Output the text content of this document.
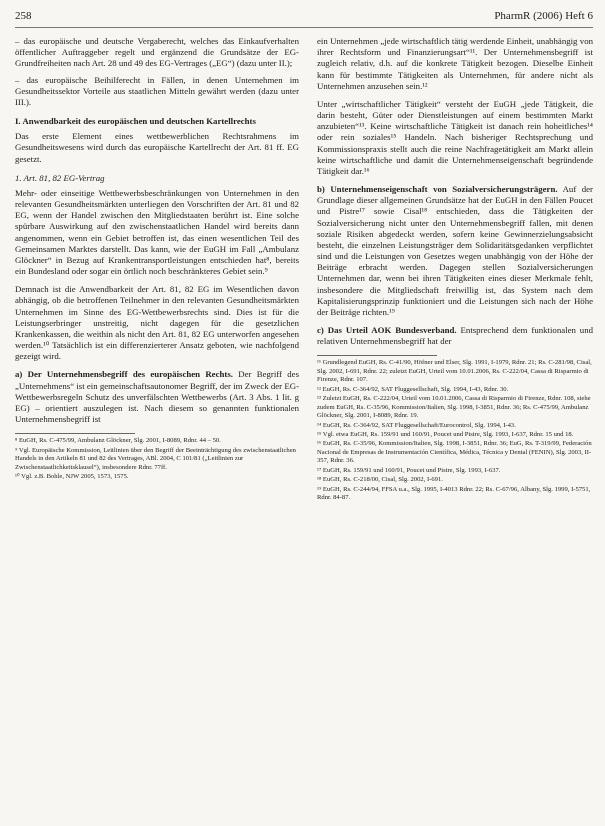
258	PharmR (2006) Heft 6

– das europäische und deutsche Vergaberecht, welches das Einkaufverhalten öffentlicher Auftraggeber regelt und ergänzend die Grundsätze der EG-Grundfreiheiten nach Art. 28 und 49 des EG-Vertrages („EG“) (dazu unter II.);

– das europäische Beihilferecht in Fällen, in denen Unternehmen im Gesundheitssektor Vorteile aus staatlichen Mitteln gewährt werden (dazu unter III.).

I. Anwendbarkeit des europäischen und deutschen Kartellrechts

Das erste Element eines wettbewerblichen Rechtsrahmens im Gesundheitswesens wird durch das europäische Kartellrecht der Art. 81 ff. EG gesetzt.

1. Art. 81, 82 EG-Vertrag

Mehr- oder einseitige Wettbewerbsbeschränkungen von Unternehmen in den relevanten Gesundheitsmärkten unterliegen den Vorschriften der Art. 81 und 82 EG, wenn der Handel zwischen den Mitgliedstaaten berührt ist. Eine solche spürbare Auswirkung auf den zwischenstaatlichen Handel wird bereits dann angenommen, wenn ein Gebiet betroffen ist, das einen wesentlichen Teil des Gemeinsamen Marktes darstellt. Das kann, wie der EuGH im Fall „Ambulanz Glöckner“ in Bezug auf Krankentransportleistungen entschieden hat⁸, bereits ein Bundesland oder sogar ein örtlich noch beschränkteres Gebiet sein.⁹

Demnach ist die Anwendbarkeit der Art. 81, 82 EG im Wesentlichen davon abhängig, ob die betroffenen Teilnehmer in den relevanten Gesundheitsmärkten Unternehmen im Sinne des EG-Wettbewerbsrechts sind. Dies ist für die Leistungserbringer unstreitig, nicht dagegen für die gesetzlichen Krankenkassen, die weithin als nicht den Art. 81, 82 EG unterworfen angesehen werden.¹⁰ Tatsächlich ist ein differenzierterer Ansatz geboten, wie nachfolgend gezeigt wird.

a) Der Unternehmensbegriff des europäischen Rechts. Der Begriff des „Unternehmens“ ist ein gemeinschaftsautonomer Begriff, der im Zweck der EG-Wettbewerbsregeln Schutz des unverfälschten Wettbewerbs (Art. 3 Abs. 1 lit. g EG) – orientiert auszulegen ist. Nach diesem so genannten funktionalen Unternehmensbegriff ist

⁸ EuGH, Rs. C-475/99, Ambulanz Glöckner, Slg. 2001, I-8089, Rdnr. 44 – 50.

⁹ Vgl. Europäische Kommission, Leitlinien über den Begriff der Beeinträchtigung des zwischenstaatlichen Handels in den Artikeln 81 und 82 des Vertrages, ABl. 2004, C 101/81 („Leitlinien zur Zwischenstaatlichkeitsklausel“), insbesondere Rdnr. 77ff.

¹⁰ Vgl. z.B. Bohle, NJW 2005, 1573, 1575.

ein Unternehmen „jede wirtschaftlich tätig werdende Einheit, unabhängig von ihrer Rechtsform und Finanzierungsart“¹¹. Der Unternehmensbegriff ist zugleich relativ, d.h. auf die konkrete Tätigkeit bezogen. Dieselbe Einheit kann für bestimmte Tätigkeiten als Unternehmen, für andere nicht als Unternehmen anzusehen sein.¹²

Unter „wirtschaftlicher Tätigkeit“ versteht der EuGH „jede Tätigkeit, die darin besteht, Güter oder Dienstleistungen auf einem bestimmten Markt anzubieten“¹³. Keine wirtschaftliche Tätigkeit ist danach rein hoheitliches¹⁴ oder rein soziales¹⁵ Handeln. Nach bisheriger Rechtsprechung und Kommissionspraxis stellt auch die reine Nachfragetätigkeit am Markt allein keine wirtschaftliche und damit die Unternehmenseigenschaft begründende Tätigkeit dar.¹⁶

b) Unternehmenseigenschaft von Sozialversicherungsträgern. Auf der Grundlage dieser allgemeinen Grundsätze hat der EuGH in den Fällen Poucet und Pistre¹⁷ sowie Cisal¹⁸ entschieden, dass die Tätigkeiten der Sozialversicherung nicht unter den Unternehmensbegriff fallen, mit denen soziale Risiken abgedeckt werden, sofern keine Gewinnerzielungsabsicht besteht, die einzelnen Leistungsträger dem Solidaritätsgedanken verpflichtet sind und die Leistungen von Gesetzes wegen unabhängig von der Höhe der Beiträge erbracht werden. Dagegen stellen Sozialversicherungen Unternehmen dar, wenn bei ihren Tätigkeiten eines dieser Merkmale fehlt, insbesondere die Mitgliedschaft freiwillig ist, das System nach dem Kapitalisierungsprinzip funktioniert und die Leistungen sich nach der Höhe der Beiträge richten.¹⁹

c) Das Urteil AOK Bundesverband. Entsprechend dem funktionalen und relativen Unternehmensbegriff hat der

¹¹ Grundlegend EuGH, Rs. C-41/90, Höfner und Elser, Slg. 1991, I-1979, Rdnr. 21; Rs. C-281/98, Cisal, Slg. 2002, I-691, Rdnr. 22; zuletzt EuGH, Urteil vom 10.01.2006, Rs. C-222/04, Cassa di Risparmio di Firenze, Rdnr. 107.

¹² EuGH, Rs. C-364/92, SAT Fluggesellschaft, Slg. 1994, I-43, Rdnr. 30.

¹³ Zuletzt EuGH, Rs. C-222/04, Urteil vom 10.01.2006, Cassa di Risparmio di Firenze, Rdnr. 108, siehe zudem EuGH, Rs. C-35/96, Kommission/Italien, Slg. 1998, I-3851, Rdnr. 36; Rs. C-475/99, Ambulanz Glöckner, Slg. 2001, I-8089, Rdnr. 19.

¹⁴ EuGH, Rs. C-364/92, SAT Fluggesellschaft/Eurocontrol, Slg. 1994, I-43.

¹⁵ Vgl. etwa EuGH, Rs. 159/91 und 160/91, Poucet und Pistre, Slg. 1993, I-637, Rdnr. 15 und 18.

¹⁶ EuGH, Rs. C-35/96, Kommission/Italien, Slg. 1998, I-3851, Rdnr. 36; EuG, Rs. T-319/99, Federación Nacional de Empresas de Instrumentación Científica, Médica, Técnica y Dental (FENIN), Slg. 2003, II-357, Rdnr. 36.

¹⁷ EuGH, Rs. 159/91 und 160/91, Poucet und Pistre, Slg. 1993, I-637.

¹⁸ EuGH, Rs. C-218/00, Cisal, Slg. 2002, I-691.

¹⁹ EuGH, Rs. C-244/94, FFSA u.a., Slg. 1995, I-4013 Rdnr. 22; Rs. C-67/96, Albany, Slg. 1999, I-5751, Rdnr. 84-87.
